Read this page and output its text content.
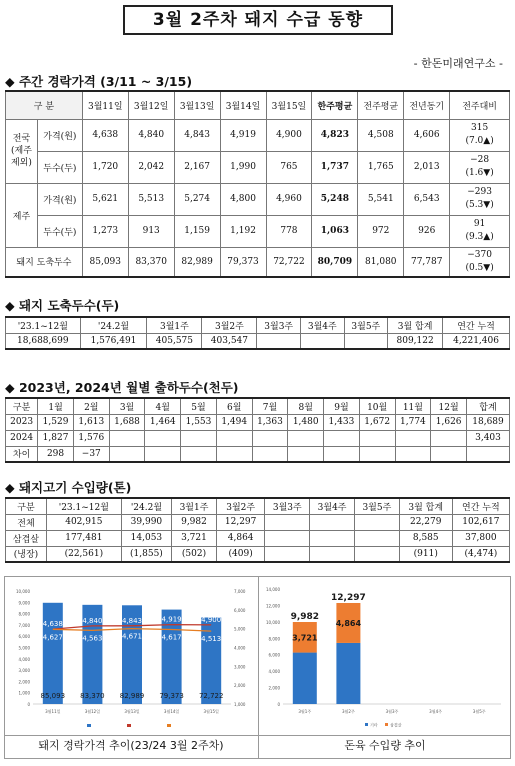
3월 2주차 돼지 수급 동향
- 한돈미래연구소 -
◆ 주간 경락가격 (3/11 ~ 3/15)
구 분		3월11일	3월12일	3월13일	3월14일	3월15일	한주평균	전주평균	전년동기	전주대비
전국
(제주
제외)	가격(원)	4,638	4,840	4,843	4,919	4,900	4,823	4,508	4,606	315
(7.0▲)
	두수(두)	1,720	2,042	2,167	1,990	765	1,737	1,765	2,013	−28
(1.6▼)
제주	가격(원)	5,621	5,513	5,274	4,800	4,960	5,248	5,541	6,543	−293
(5.3▼)
	두수(두)	1,273	913	1,159	1,192	778	1,063	972	926	91
(9.3▲)
돼지 도축두수		85,093	83,370	82,989	79,373	72,722	80,709	81,080	77,787	−370
(0.5▼)
◆ 돼지 도축두수(두)
'23.1~12월	'24.2월	3월1주	3월2주	3월3주	3월4주	3월5주	3월 합계	연간 누적
18,688,699	1,576,491	405,575	403,547				809,122	4,221,406
◆ 2023년, 2024년 월별 출하두수(천두)
구분	1월	2월	3월	4월	5월	6월	7월	8월	9월	10월	11월	12월	합계
2023	1,529	1,613	1,688	1,464	1,553	1,494	1,363	1,480	1,433	1,672	1,774	1,626	18,689
2024	1,827	1,576											3,403
차이	298	−37											
◆ 돼지고기 수입량(톤)
구분	'23.1~12월	'24.2월	3월1주	3월2주	3월3주	3월4주	3월5주	3월 합계	연간 누적
전체	402,915	39,990	9,982	12,297				22,279	102,617
삼겹살	177,481	14,053	3,721	4,864				8,585	37,800
(냉장)	(22,561)	(1,855)	(502)	(409)				(911)	(4,474)
10,000
9,000
8,000
7,000
6,000
5,000
4,000
3,000
2,000
1,000
0
7,000
6,000
5,000
4,000
3,000
2,000
1,000
85,093
3월11일
83,370
3월12일
82,989
3월13일
79,373
3월14일
72,722
3월15일
4,638	4,840	4,843	4,919	4,900
4,627	4,563	4,671	4,617	4,513
14,000
12,000
10,000
8,000
6,000
4,000
2,000
0
3월1주
3,721
9,982
3월2주
4,864
12,297
3월3주	3월4주	3월5주
기타	삼겹살
돼지 경락가격 추이(23/24 3월 2주차)	돈육 수입량 추이
